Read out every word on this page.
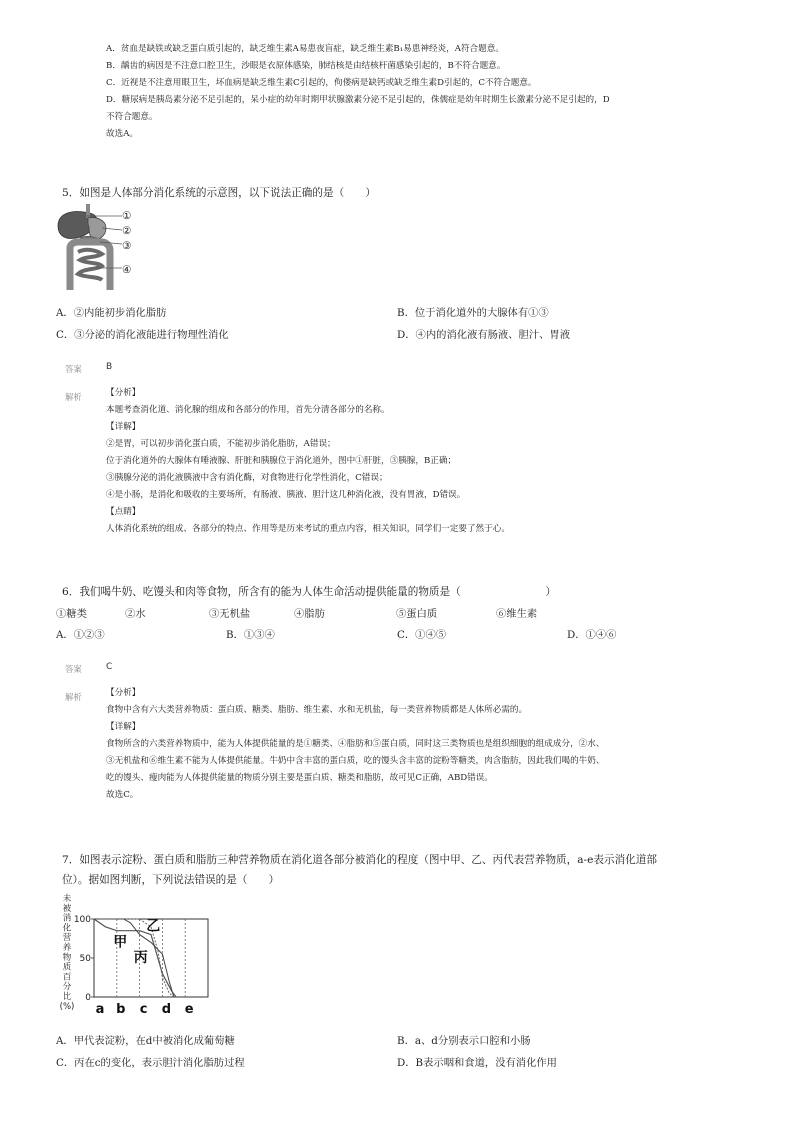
A．贫血是缺铁或缺乏蛋白质引起的，缺乏维生素A易患夜盲症，缺乏维生素B₁易患神经炎，A符合题意。
B．龋齿的病因是不注意口腔卫生，沙眼是衣原体感染，肺结核是由结核杆菌感染引起的，B不符合题意。
C．近视是不注意用眼卫生，坏血病是缺乏维生素C引起的，佝偻病是缺钙或缺乏维生素D引起的，C不符合题意。
D．糖尿病是胰岛素分泌不足引起的，呆小症的幼年时期甲状腺激素分泌不足引起的，侏儒症是幼年时期生长激素分泌不足引起的，D
不符合题意。
故选A。
5．如图是人体部分消化系统的示意图，以下说法正确的是（　　）
①
②
③
④
A．②内能初步消化脂肪	B．位于消化道外的大腺体有①③
C．③分泌的消化液能进行物理性消化	D．④内的消化液有肠液、胆汁、胃液
答案	B
解析	【分析】
本题考查消化道、消化腺的组成和各部分的作用，首先分清各部分的名称。
【详解】
②是胃，可以初步消化蛋白质，不能初步消化脂肪，A错误；
位于消化道外的大腺体有唾液腺、肝脏和胰腺位于消化道外，图中①肝脏，③胰腺，B正确；
③胰腺分泌的消化液胰液中含有消化酶，对食物进行化学性消化，C错误；
④是小肠，是消化和吸收的主要场所，有肠液、胰液、胆汁这几种消化液，没有胃液，D错误。
【点睛】
人体消化系统的组成、各部分的特点、作用等是历来考试的重点内容，相关知识，同学们一定要了然于心。
6．我们喝牛奶、吃馒头和肉等食物，所含有的能为人体生命活动提供能量的物质是（　　　　　　　　）
①糖类	②水	③无机盐	④脂肪	⑤蛋白质	⑥维生素
A．①②③	B．①③④	C．①④⑤	D．①④⑥
答案	C
解析	【分析】
食物中含有六大类营养物质：蛋白质、糖类、脂肪、维生素、水和无机盐，每一类营养物质都是人体所必需的。
【详解】
食物所含的六类营养物质中，能为人体提供能量的是①糖类、④脂肪和⑤蛋白质，同时这三类物质也是组织细胞的组成成分，②水、
③无机盐和⑥维生素不能为人体提供能量。牛奶中含丰富的蛋白质，吃的馒头含丰富的淀粉等糖类，肉含脂肪，因此我们喝的牛奶、
吃的馒头、瘦肉能为人体提供能量的物质分别主要是蛋白质、糖类和脂肪，故可见C正确，ABD错误。
故选C。
7．如图表示淀粉、蛋白质和脂肪三种营养物质在消化道各部分被消化的程度（图中甲、乙、丙代表营养物质，a-e表示消化道部
位）。据如图判断，下列说法错误的是（　　）
未
被
消
化
营
养
物
质
百
分
比
(%)
100
50
0
a b c d e
甲
乙
丙
A．甲代表淀粉，在d中被消化成葡萄糖	B．a、d分别表示口腔和小肠
C．丙在c的变化，表示胆汁消化脂肪过程	D．B表示咽和食道，没有消化作用
